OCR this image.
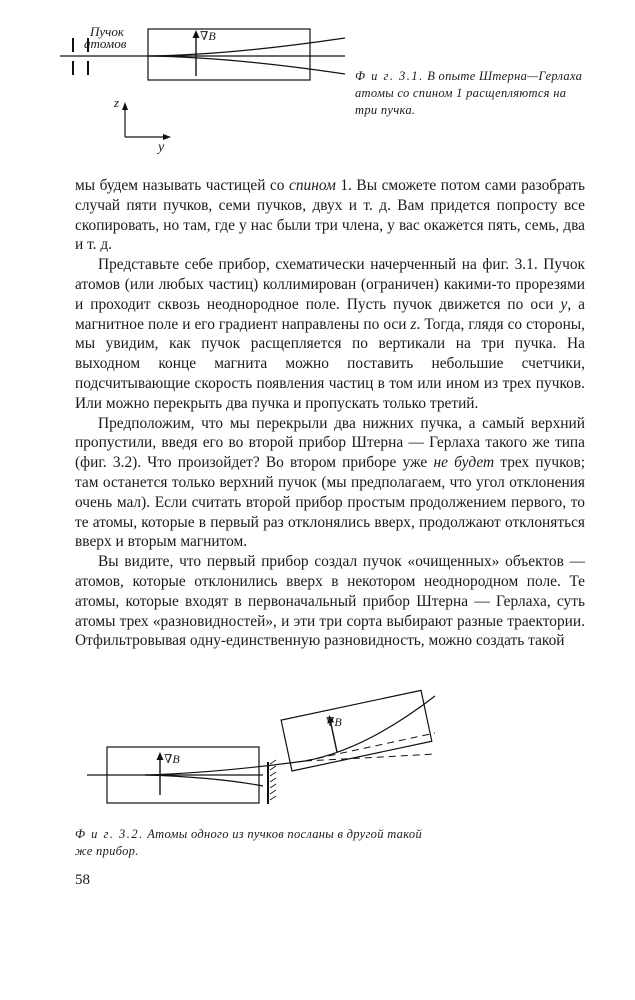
Пучок
атомов	∇B
z
y
Ф и г. 3.1. В опыте Штерна—Герлаха атомы со спином 1 расщепляются на три пучка.

мы будем называть частицей со спином 1. Вы сможете потом сами разобрать случай пяти пучков, семи пучков, двух и т. д. Вам придется попросту все скопировать, но там, где у нас были три члена, у вас окажется пять, семь, два и т. д.

Представьте себе прибор, схематически начерченный на фиг. 3.1. Пучок атомов (или любых частиц) коллимирован (ограничен) какими-то прорезями и проходит сквозь неоднородное поле. Пусть пучок движется по оси y, а магнитное поле и его градиент направлены по оси z. Тогда, глядя со стороны, мы увидим, как пучок расщепляется по вертикали на три пучка. На выходном конце магнита можно поставить небольшие счетчики, подсчитывающие скорость появления частиц в том или ином из трех пучков. Или можно перекрыть два пучка и пропускать только третий.

Предположим, что мы перекрыли два нижних пучка, а самый верхний пропустили, введя его во второй прибор Штерна — Герлаха такого же типа (фиг. 3.2). Что произойдет? Во втором приборе уже не будет трех пучков; там останется только верхний пучок (мы предполагаем, что угол отклонения очень мал). Если считать второй прибор простым продолжением первого, то те атомы, которые в первый раз отклонялись вверх, продолжают отклоняться вверх и вторым магнитом.

Вы видите, что первый прибор создал пучок «очищенных» объектов — атомов, которые отклонились вверх в некотором неоднородном поле. Те атомы, которые входят в первоначальный прибор Штерна — Герлаха, суть атомы трех «разновидностей», и эти три сорта выбирают разные траектории. Отфильтровывая одну-единственную разновидность, можно создать такой

∇B
∇B
Ф и г. 3.2. Атомы одного из пучков посланы в другой такой же прибор.
58
